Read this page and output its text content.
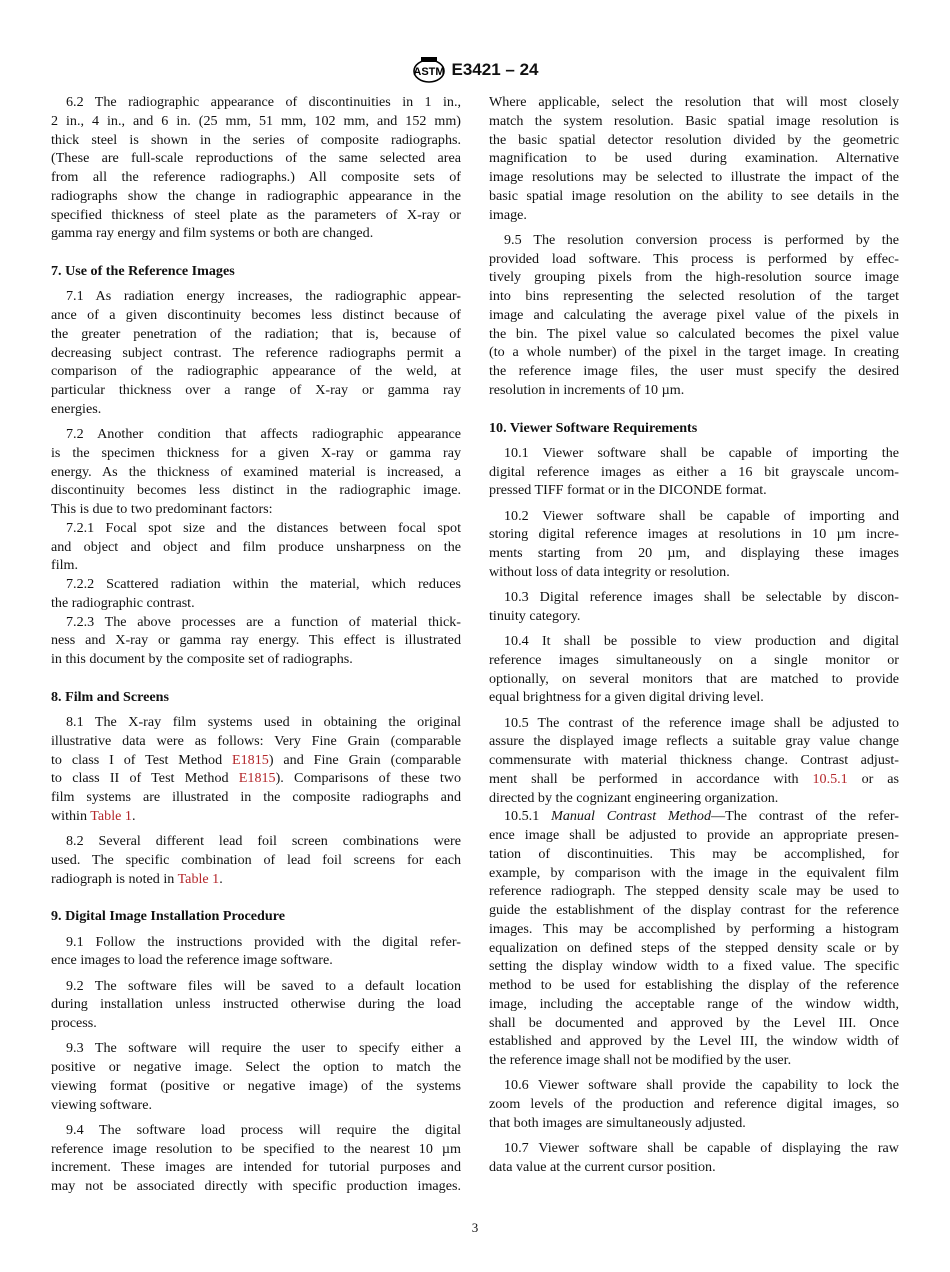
ASTM E3421 – 24
6.2 The radiographic appearance of discontinuities in 1 in.,
2 in., 4 in., and 6 in. (25 mm, 51 mm, 102 mm, and 152 mm)
thick steel is shown in the series of composite radiographs.
(These are full-scale reproductions of the same selected area
from all the reference radiographs.) All composite sets of
radiographs show the change in radiographic appearance in the
specified thickness of steel plate as the parameters of X-ray or
gamma ray energy and film systems or both are changed.
7. Use of the Reference Images
7.1 As radiation energy increases, the radiographic appear-
ance of a given discontinuity becomes less distinct because of
the greater penetration of the radiation; that is, because of
decreasing subject contrast. The reference radiographs permit a
comparison of the radiographic appearance of the weld, at
particular thickness over a range of X-ray or gamma ray
energies.
7.2 Another condition that affects radiographic appearance
is the specimen thickness for a given X-ray or gamma ray
energy. As the thickness of examined material is increased, a
discontinuity becomes less distinct in the radiographic image.
This is due to two predominant factors:
7.2.1 Focal spot size and the distances between focal spot
and object and object and film produce unsharpness on the
film.
7.2.2 Scattered radiation within the material, which reduces
the radiographic contrast.
7.2.3 The above processes are a function of material thick-
ness and X-ray or gamma ray energy. This effect is illustrated
in this document by the composite set of radiographs.
8. Film and Screens
8.1 The X-ray film systems used in obtaining the original
illustrative data were as follows: Very Fine Grain (comparable
to class I of Test Method E1815) and Fine Grain (comparable
to class II of Test Method E1815). Comparisons of these two
film systems are illustrated in the composite radiographs and
within Table 1.
8.2 Several different lead foil screen combinations were
used. The specific combination of lead foil screens for each
radiograph is noted in Table 1.
9. Digital Image Installation Procedure
9.1 Follow the instructions provided with the digital refer-
ence images to load the reference image software.
9.2 The software files will be saved to a default location
during installation unless instructed otherwise during the load
process.
9.3 The software will require the user to specify either a
positive or negative image. Select the option to match the
viewing format (positive or negative image) of the systems
viewing software.
9.4 The software load process will require the digital
reference image resolution to be specified to the nearest 10 µm
increment. These images are intended for tutorial purposes and
may not be associated directly with specific production images.
Where applicable, select the resolution that will most closely
match the system resolution. Basic spatial image resolution is
the basic spatial detector resolution divided by the geometric
magnification to be used during examination. Alternative
image resolutions may be selected to illustrate the impact of the
basic spatial image resolution on the ability to see details in the
image.
9.5 The resolution conversion process is performed by the
provided load software. This process is performed by effec-
tively grouping pixels from the high-resolution source image
into bins representing the selected resolution of the target
image and calculating the average pixel value of the pixels in
the bin. The pixel value so calculated becomes the pixel value
(to a whole number) of the pixel in the target image. In creating
the reference image files, the user must specify the desired
resolution in increments of 10 µm.
10. Viewer Software Requirements
10.1 Viewer software shall be capable of importing the
digital reference images as either a 16 bit grayscale uncom-
pressed TIFF format or in the DICONDE format.
10.2 Viewer software shall be capable of importing and
storing digital reference images at resolutions in 10 µm incre-
ments starting from 20 µm, and displaying these images
without loss of data integrity or resolution.
10.3 Digital reference images shall be selectable by discon-
tinuity category.
10.4 It shall be possible to view production and digital
reference images simultaneously on a single monitor or
optionally, on several monitors that are matched to provide
equal brightness for a given digital driving level.
10.5 The contrast of the reference image shall be adjusted to
assure the displayed image reflects a suitable gray value change
commensurate with material thickness change. Contrast adjust-
ment shall be performed in accordance with 10.5.1 or as
directed by the cognizant engineering organization.
10.5.1 Manual Contrast Method—The contrast of the refer-
ence image shall be adjusted to provide an appropriate presen-
tation of discontinuities. This may be accomplished, for
example, by comparison with the image in the equivalent film
reference radiograph. The stepped density scale may be used to
guide the establishment of the display contrast for the reference
images. This may be accomplished by performing a histogram
equalization on defined steps of the stepped density scale or by
setting the display window width to a fixed value. The specific
method to be used for establishing the display of the reference
image, including the acceptable range of the window width,
shall be documented and approved by the Level III. Once
established and approved by the Level III, the window width of
the reference image shall not be modified by the user.
10.6 Viewer software shall provide the capability to lock the
zoom levels of the production and reference digital images, so
that both images are simultaneously adjusted.
10.7 Viewer software shall be capable of displaying the raw
data value at the current cursor position.
3
